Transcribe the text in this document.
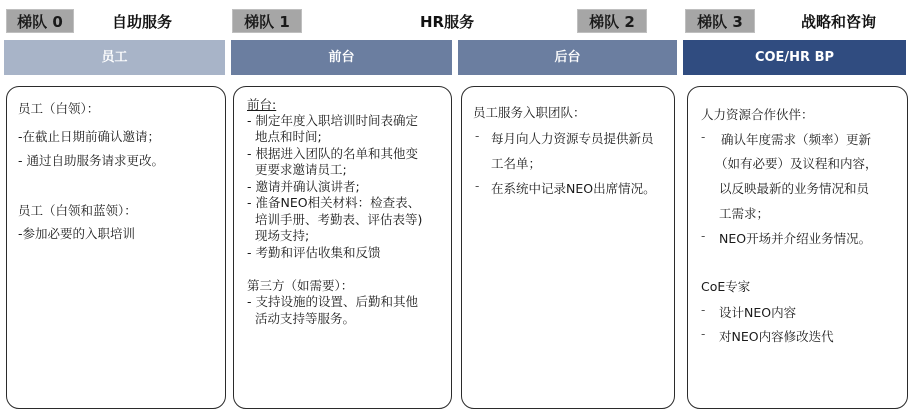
梯队 0	梯队 1	梯队 2	梯队 3
自助服务	HR服务	战略和咨询
员工	前台	后台	COE/HR BP
员工（白领）：
-在截止日期前确认邀请；
- 通过自助服务请求更改。
员工（白领和蓝领）：
-参加必要的入职培训
前台:
- 制定年度入职培训时间表确定
地点和时间;
- 根据进入团队的名单和其他变
更要求邀请员工;
- 邀请并确认演讲者;
- 准备NEO相关材料：检查表、
培训手册、考勤表、评估表等)
现场支持;
- 考勤和评估收集和反馈
第三方（如需要）：
- 支持设施的设置、后勤和其他
活动支持等服务。
员工服务入职团队：
- 每月向人力资源专员提供新员
工名单；
- 在系统中记录NEO出席情况。
人力资源合作伙伴：
- 确认年度需求（频率）更新
（如有必要）及议程和内容，
以反映最新的业务情况和员
工需求；
- NEO开场并介绍业务情况。
CoE专家
- 设计NEO内容
- 对NEO内容修改迭代
